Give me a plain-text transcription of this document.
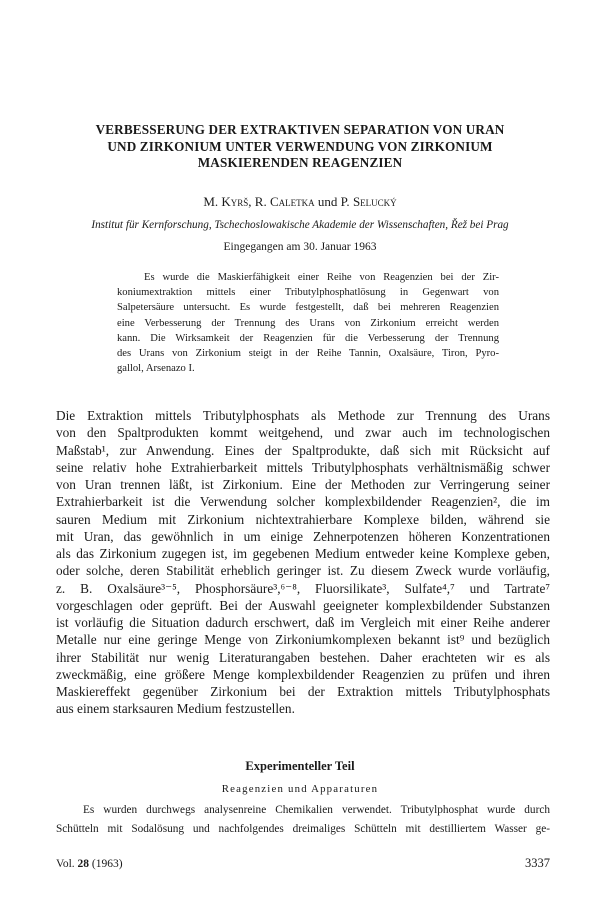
VERBESSERUNG DER EXTRAKTIVEN SEPARATION VON URAN
UND ZIRKONIUM UNTER VERWENDUNG VON ZIRKONIUM
MASKIERENDEN REAGENZIEN
M. Kyrš, R. Caletka und P. Selucký
Institut für Kernforschung, Tschechoslowakische Akademie der Wissenschaften, Řež bei Prag
Eingegangen am 30. Januar 1963
Es wurde die Maskierfähigkeit einer Reihe von Reagenzien bei der Zir-
koniumextraktion mittels einer Tributylphosphatlösung in Gegenwart von
Salpetersäure untersucht. Es wurde festgestellt, daß bei mehreren Reagenzien
eine Verbesserung der Trennung des Urans von Zirkonium erreicht werden
kann. Die Wirksamkeit der Reagenzien für die Verbesserung der Trennung
des Urans von Zirkonium steigt in der Reihe Tannin, Oxalsäure, Tiron, Pyro-
gallol, Arsenazo I.
Die Extraktion mittels Tributylphosphats als Methode zur Trennung des Urans
von den Spaltprodukten kommt weitgehend, und zwar auch im technologischen
Maßstab¹, zur Anwendung. Eines der Spaltprodukte, daß sich mit Rücksicht auf
seine relativ hohe Extrahierbarkeit mittels Tributylphosphats verhältnismäßig schwer
von Uran trennen läßt, ist Zirkonium. Eine der Methoden zur Verringerung seiner
Extrahierbarkeit ist die Verwendung solcher komplexbildender Reagenzien², die im
sauren Medium mit Zirkonium nichtextrahierbare Komplexe bilden, während sie
mit Uran, das gewöhnlich in um einige Zehnerpotenzen höheren Konzentrationen
als das Zirkonium zugegen ist, im gegebenen Medium entweder keine Komplexe geben,
oder solche, deren Stabilität erheblich geringer ist. Zu diesem Zweck wurde vorläufig,
z. B. Oxalsäure³⁻⁵, Phosphorsäure³,⁶⁻⁸, Fluorsilikate³, Sulfate⁴,⁷ und Tartrate⁷
vorgeschlagen oder geprüft. Bei der Auswahl geeigneter komplexbildender Substanzen
ist vorläufig die Situation dadurch erschwert, daß im Vergleich mit einer Reihe anderer
Metalle nur eine geringe Menge von Zirkoniumkomplexen bekannt ist⁹ und bezüglich
ihrer Stabilität nur wenig Literaturangaben bestehen. Daher erachteten wir es als
zweckmäßig, eine größere Menge komplexbildender Reagenzien zu prüfen und ihren
Maskiereffekt gegenüber Zirkonium bei der Extraktion mittels Tributylphosphats
aus einem starksauren Medium festzustellen.
Experimenteller Teil
Reagenzien und Apparaturen
Es wurden durchwegs analysenreine Chemikalien verwendet. Tributylphosphat wurde durch
Schütteln mit Sodalösung und nachfolgendes dreimaliges Schütteln mit destilliertem Wasser ge-
Vol. 28 (1963)	3337
